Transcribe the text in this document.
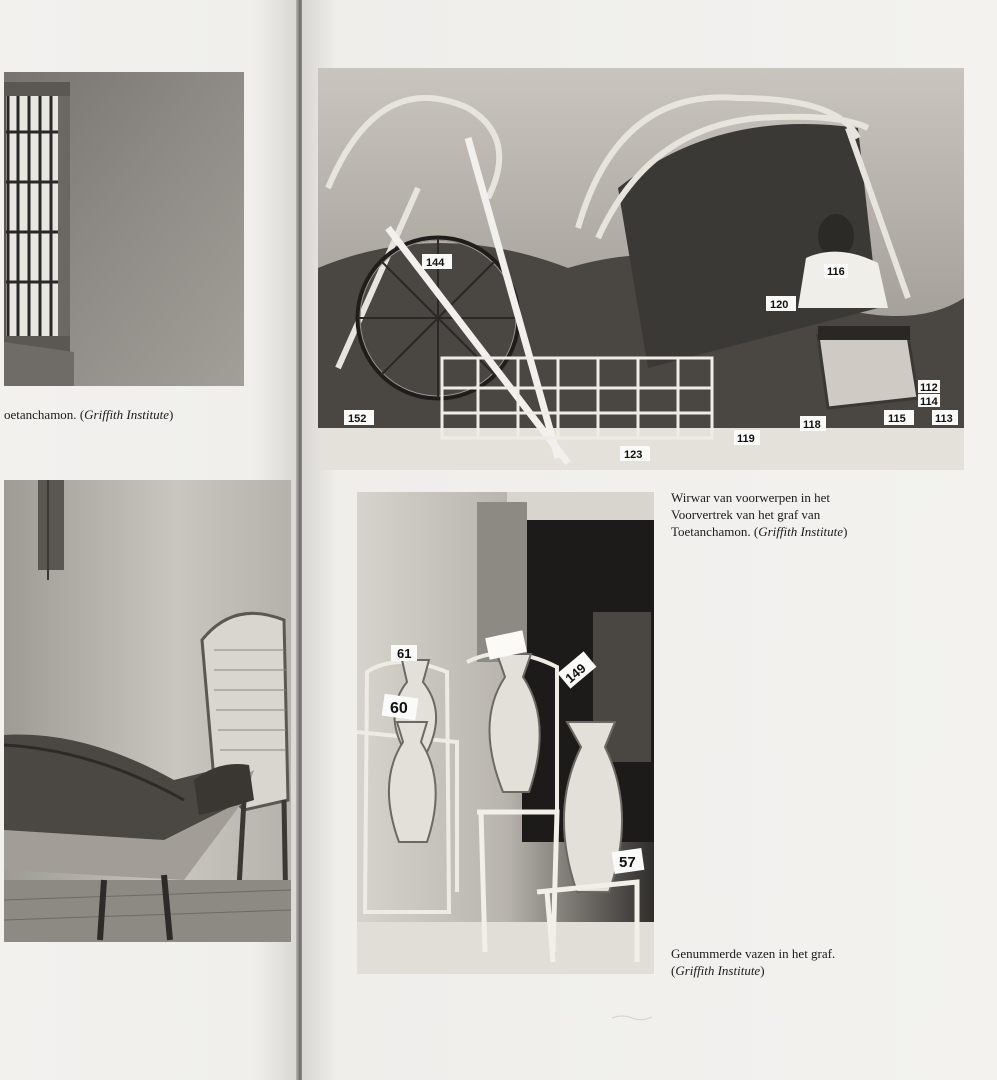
oetanchamon. (Griffith Institute)
144
116
120
152
123
119
118	115
112
114
113
Wirwar van voorwerpen in het
Voorvertrek van het graf van
Toetanchamon. (Griffith Institute)
61
60
149
57
Genummerde vazen in het graf.
(Griffith Institute)
